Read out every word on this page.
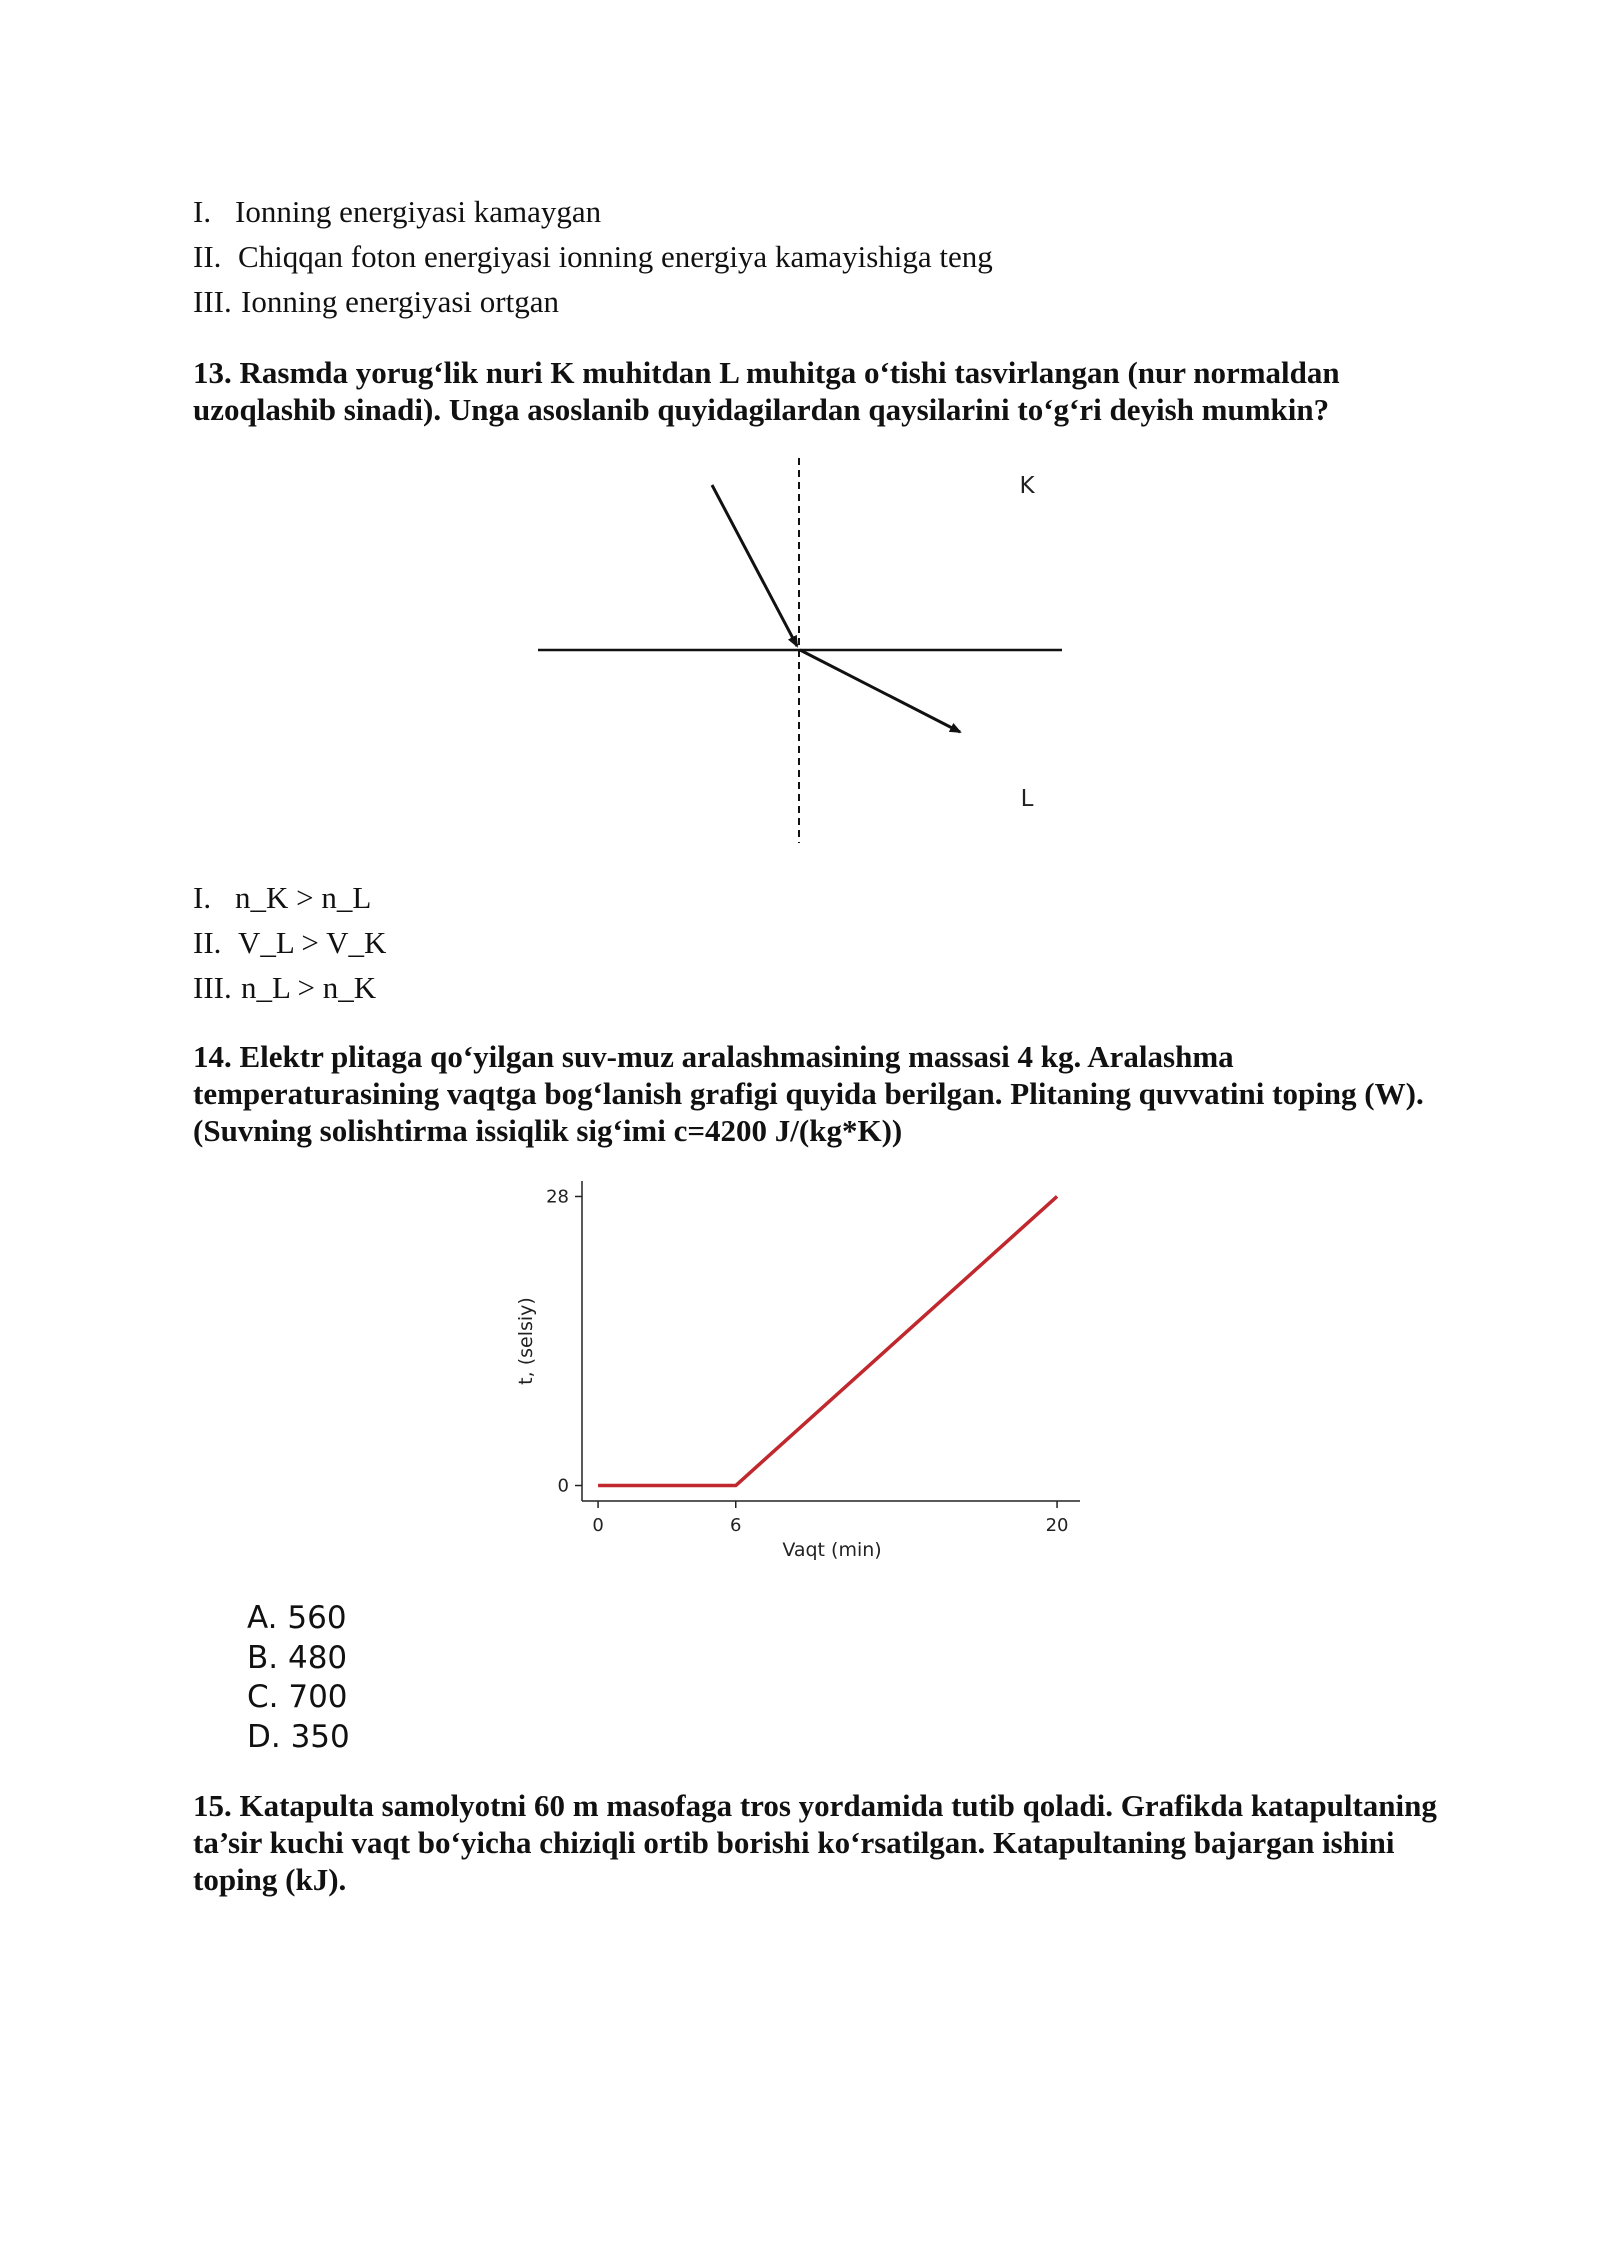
I. Ionning energiyasi kamaygan
II. Chiqqan foton energiyasi ionning energiya kamayishiga teng
III. Ionning energiyasi ortgan
13. Rasmda yorug‘lik nuri K muhitdan L muhitga o‘tishi tasvirlangan (nur normaldan uzoqlashib sinadi). Unga asoslanib quyidagilardan qaysilarini to‘g‘ri deyish mumkin?
K
L
I. n_K > n_L
II. V_L > V_K
III. n_L > n_K
14. Elektr plitaga qo‘yilgan suv-muz aralashmasining massasi 4 kg. Aralashma temperaturasining vaqtga bog‘lanish grafigi quyida berilgan. Plitaning quvvatini toping (W). (Suvning solishtirma issiqlik sig‘imi c=4200 J/(kg*K))
0	6	20
0
28
Vaqt (min)
t, (selsiy)
A. 560
B. 480
C. 700
D. 350
15. Katapulta samolyotni 60 m masofaga tros yordamida tutib qoladi. Grafikda katapultaning ta’sir kuchi vaqt bo‘yicha chiziqli ortib borishi ko‘rsatilgan. Katapultaning bajargan ishini toping (kJ).
